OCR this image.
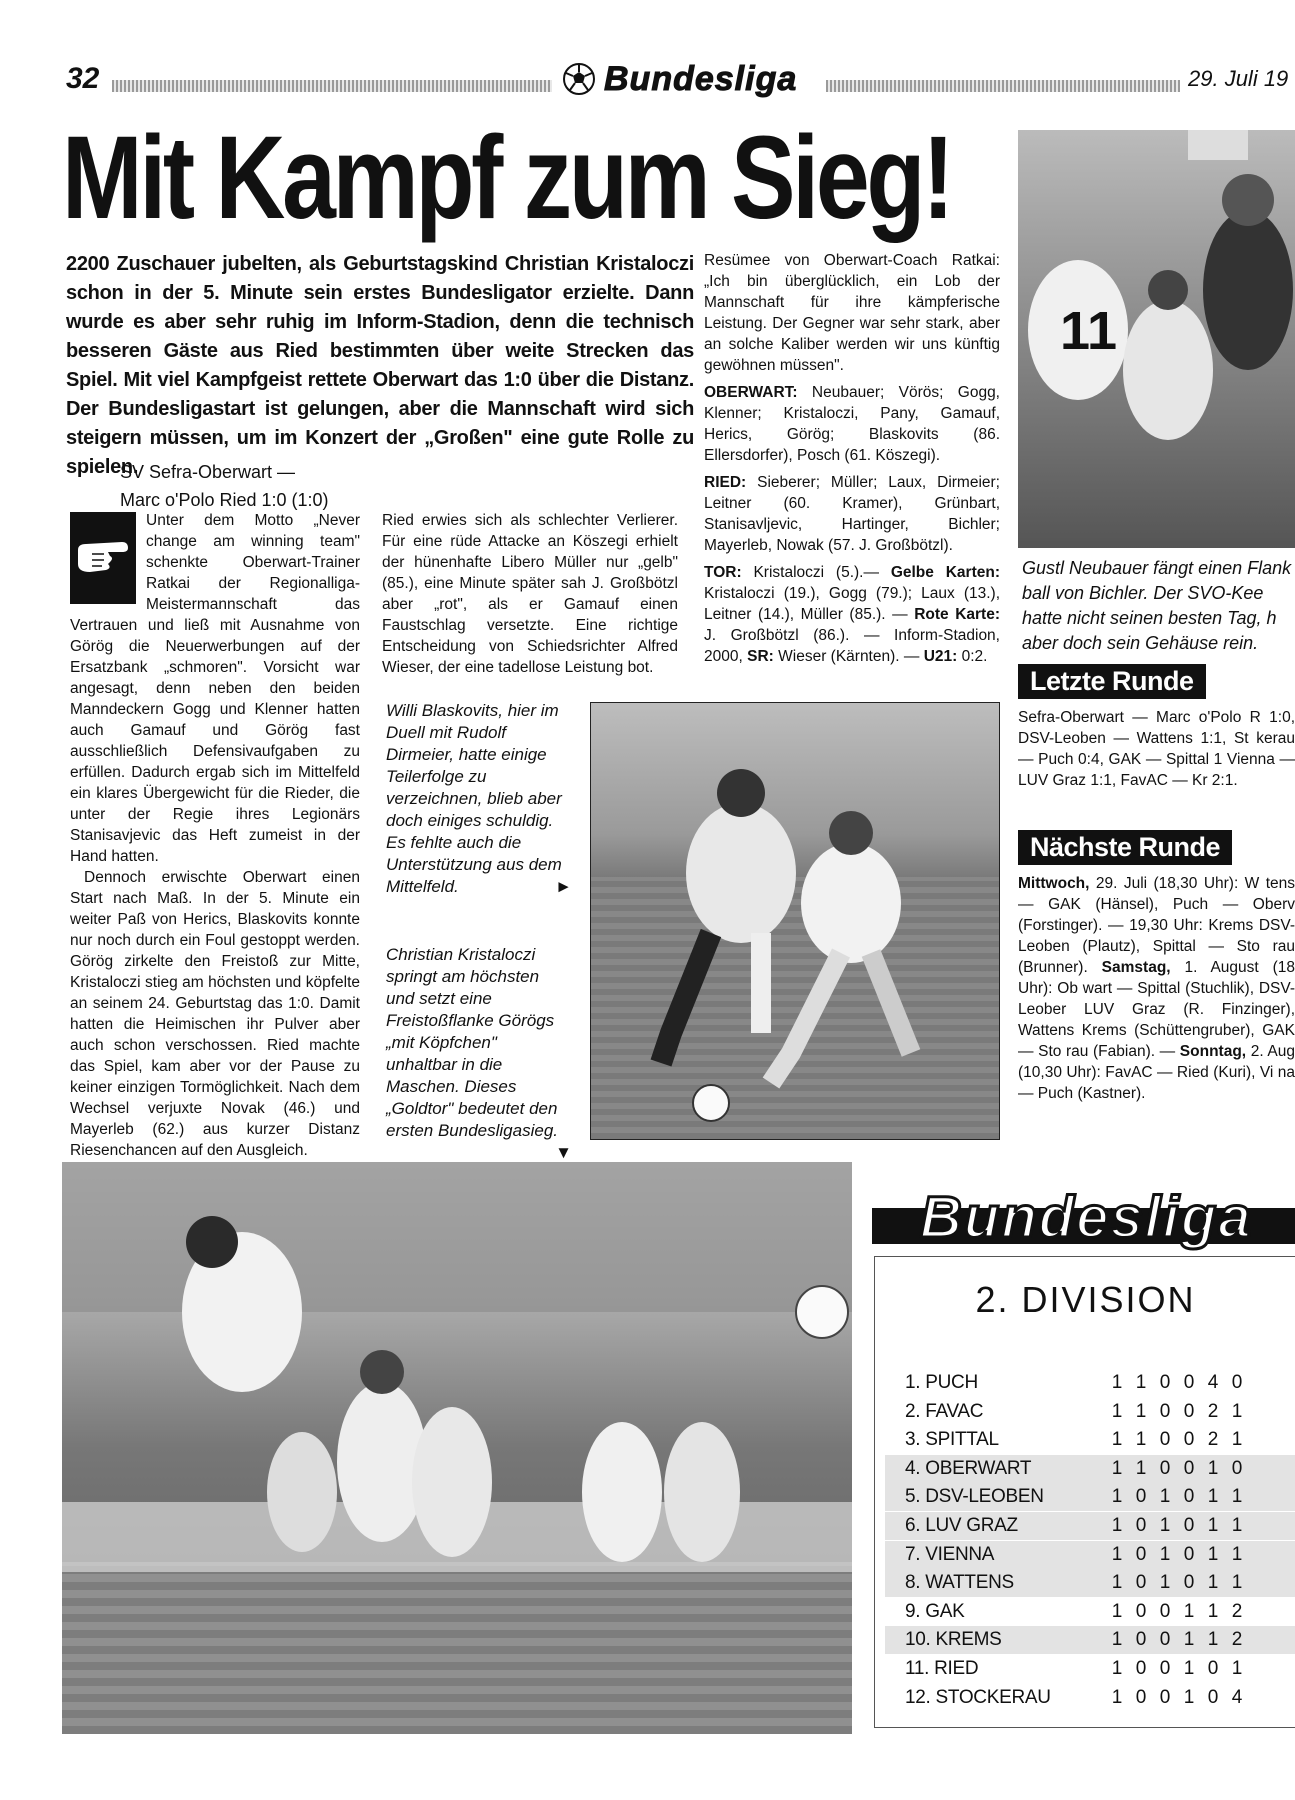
32	Bundesliga	29. Juli 19
Mit Kampf zum Sieg!
2200 Zuschauer jubelten, als Geburtstagskind Christian Kristaloczi schon in der 5. Minute sein erstes Bundesligator erzielte. Dann wurde es aber sehr ruhig im Inform-Stadion, denn die technisch besseren Gäste aus Ried bestimmten über weite Strecken das Spiel. Mit viel Kampfgeist rettete Oberwart das 1:0 über die Distanz. Der Bundesligastart ist gelungen, aber die Mannschaft wird sich steigern müssen, um im Konzert der „Großen" eine gute Rolle zu spielen.
SV Sefra-Oberwart —
Marc o'Polo Ried 1:0 (1:0)

Unter dem Motto „Never change am winning team" schenkte Oberwart-Trainer Ratkai der Regionalliga-Meistermannschaft das Vertrauen und ließ mit Ausnahme von Görög die Neuerwerbungen auf der Ersatzbank „schmoren". Vorsicht war angesagt, denn neben den beiden Manndeckern Gogg und Klenner hatten auch Gamauf und Görög fast ausschließlich Defensivaufgaben zu erfüllen. Dadurch ergab sich im Mittelfeld ein klares Übergewicht für die Rieder, die unter der Regie ihres Legionärs Stanisavjevic das Heft zumeist in der Hand hatten.

Dennoch erwischte Oberwart einen Start nach Maß. In der 5. Minute ein weiter Paß von Herics, Blaskovits konnte nur noch durch ein Foul gestoppt werden. Görög zirkelte den Freistoß zur Mitte, Kristaloczi stieg am höchsten und köpfelte an seinem 24. Geburtstag das 1:0. Damit hatten die Heimischen ihr Pulver aber auch schon verschossen. Ried machte das Spiel, kam aber vor der Pause zu keiner einzigen Tormöglichkeit. Nach dem Wechsel verjuxte Novak (46.) und Mayerleb (62.) aus kurzer Distanz Riesenchancen auf den Ausgleich.

Ried erwies sich als schlechter Verlierer. Für eine rüde Attacke an Köszegi erhielt der hünenhafte Libero Müller nur „gelb" (85.), eine Minute später sah J. Großbötzl aber „rot", als er Gamauf einen Faustschlag versetzte. Eine richtige Entscheidung von Schiedsrichter Alfred Wieser, der eine tadellose Leistung bot.

Resümee von Oberwart-Coach Ratkai: „Ich bin überglücklich, ein Lob der Mannschaft für ihre kämpferische Leistung. Der Gegner war sehr stark, aber an solche Kaliber werden wir uns künftig gewöhnen müssen".

OBERWART: Neubauer; Vörös; Gogg, Klenner; Kristaloczi, Pany, Gamauf, Herics, Görög; Blaskovits (86. Ellersdorfer), Posch (61. Köszegi).

RIED: Sieberer; Müller; Laux, Dirmeier; Leitner (60. Kramer), Grünbart, Stanisavljevic, Hartinger, Bichler; Mayerleb, Nowak (57. J. Großbötzl).

TOR: Kristaloczi (5.).— Gelbe Karten: Kristaloczi (19.), Gogg (79.); Laux (13.), Leitner (14.), Müller (85.). — Rote Karte: J. Großbötzl (86.). — Inform-Stadion, 2000, SR: Wieser (Kärnten). — U21: 0:2.

Willi Blaskovits, hier im Duell mit Rudolf Dirmeier, hatte einige Teilerfolge zu verzeichnen, blieb aber doch einiges schuldig. Es fehlte auch die Unterstützung aus dem Mittelfeld.	►
Christian Kristaloczi springt am höchsten und setzt eine Freistoßflanke Görögs „mit Köpfchen" unhaltbar in die Maschen. Dieses „Goldtor" bedeutet den ersten Bundesligasieg.
▼
11
Gustl Neubauer fängt einen Flank ball von Bichler. Der SVO-Kee hatte nicht seinen besten Tag, h aber doch sein Gehäuse rein.
Letzte Runde
Sefra-Oberwart — Marc o'Polo R 1:0, DSV-Leoben — Wattens 1:1, St kerau — Puch 0:4, GAK — Spittal 1 Vienna — LUV Graz 1:1, FavAC — Kr 2:1.
Nächste Runde
Mittwoch, 29. Juli (18,30 Uhr): W tens — GAK (Hänsel), Puch — Oberv (Forstinger). — 19,30 Uhr: Krems DSV-Leoben (Plautz), Spittal — Sto rau (Brunner). Samstag, 1. August (18 Uhr): Ob wart — Spittal (Stuchlik), DSV-Leober LUV Graz (R. Finzinger), Wattens Krems (Schüttengruber), GAK — Sto rau (Fabian). — Sonntag, 2. Aug (10,30 Uhr): FavAC — Ried (Kuri), Vi na — Puch (Kastner).
Bundesliga
2. DIVISION
1. PUCH	1 1 0 0 4 0
2. FAVAC	1 1 0 0 2 1
3. SPITTAL	1 1 0 0 2 1
4. OBERWART	1 1 0 0 1 0
5. DSV-LEOBEN	1 0 1 0 1 1
6. LUV GRAZ	1 0 1 0 1 1
7. VIENNA	1 0 1 0 1 1
8. WATTENS	1 0 1 0 1 1
9. GAK	1 0 0 1 1 2
10. KREMS	1 0 0 1 1 2
11. RIED	1 0 0 1 0 1
12. STOCKERAU	1 0 0 1 0 4
